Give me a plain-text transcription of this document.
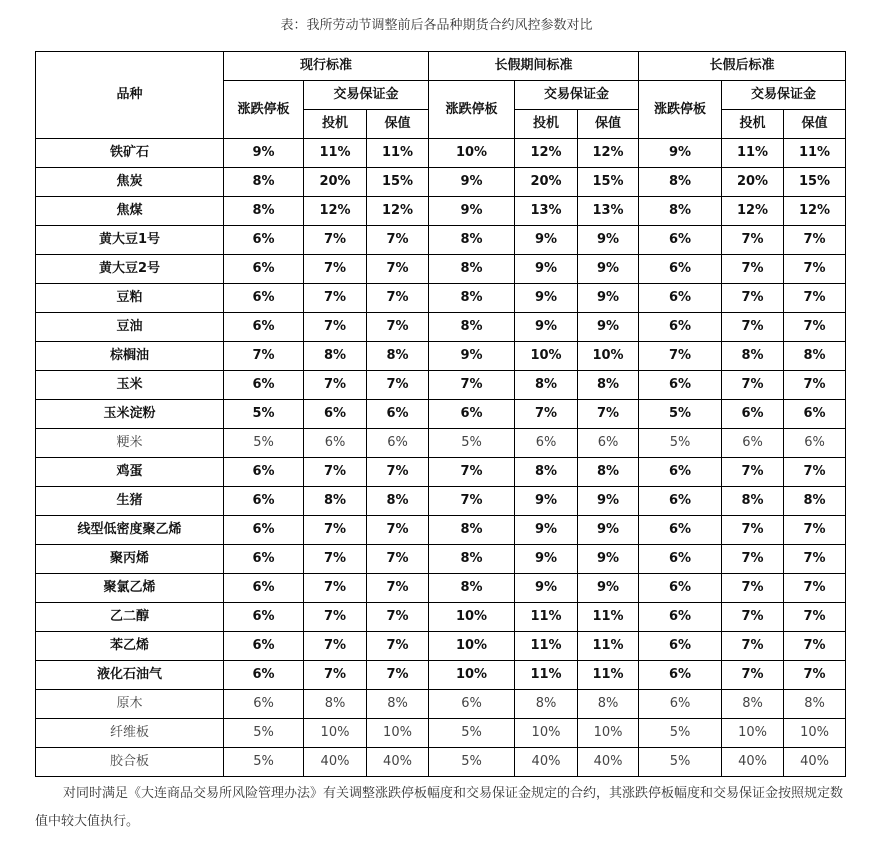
表：我所劳动节调整前后各品种期货合约风控参数对比
品种	现行标准			长假期间标准			长假后标准		
	涨跌停板	交易保证金		涨跌停板	交易保证金		涨跌停板	交易保证金	
		投机	保值		投机	保值		投机	保值
铁矿石	9%	11%	11%	10%	12%	12%	9%	11%	11%
焦炭	8%	20%	15%	9%	20%	15%	8%	20%	15%
焦煤	8%	12%	12%	9%	13%	13%	8%	12%	12%
黄大豆1号	6%	7%	7%	8%	9%	9%	6%	7%	7%
黄大豆2号	6%	7%	7%	8%	9%	9%	6%	7%	7%
豆粕	6%	7%	7%	8%	9%	9%	6%	7%	7%
豆油	6%	7%	7%	8%	9%	9%	6%	7%	7%
棕榈油	7%	8%	8%	9%	10%	10%	7%	8%	8%
玉米	6%	7%	7%	7%	8%	8%	6%	7%	7%
玉米淀粉	5%	6%	6%	6%	7%	7%	5%	6%	6%
粳米	5%	6%	6%	5%	6%	6%	5%	6%	6%
鸡蛋	6%	7%	7%	7%	8%	8%	6%	7%	7%
生猪	6%	8%	8%	7%	9%	9%	6%	8%	8%
线型低密度聚乙烯	6%	7%	7%	8%	9%	9%	6%	7%	7%
聚丙烯	6%	7%	7%	8%	9%	9%	6%	7%	7%
聚氯乙烯	6%	7%	7%	8%	9%	9%	6%	7%	7%
乙二醇	6%	7%	7%	10%	11%	11%	6%	7%	7%
苯乙烯	6%	7%	7%	10%	11%	11%	6%	7%	7%
液化石油气	6%	7%	7%	10%	11%	11%	6%	7%	7%
原木	6%	8%	8%	6%	8%	8%	6%	8%	8%
纤维板	5%	10%	10%	5%	10%	10%	5%	10%	10%
胶合板	5%	40%	40%	5%	40%	40%	5%	40%	40%
对同时满足《大连商品交易所风险管理办法》有关调整涨跌停板幅度和交易保证金规定的合约，其涨跌停板幅度和交易保证金按照规定数值中较大值执行。
